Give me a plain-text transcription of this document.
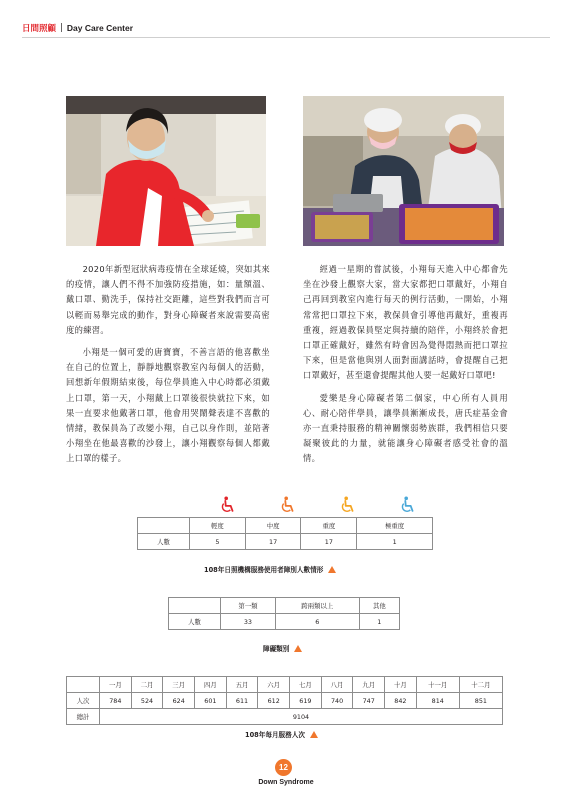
日間照顧 | Day Care Center

2020年新型冠狀病毒疫情在全球延燒，突如其來的疫情，讓人們不得不加強防疫措施，如：量額溫、戴口罩、勤洗手，保持社交距離，這些對我們而言可以輕而易舉完成的動作，對身心障礙者來說需要高密度的練習。

小翔是一個可愛的唐寶寶，不善言語的他喜歡坐在自己的位置上，靜靜地觀察教室內每個人的活動，回想新年假期結束後，每位學員進入中心時都必須戴上口罩，第一天，小翔戴上口罩後很快就拉下來，如果一直要求他戴著口罩，他會用哭鬧聲表達不喜歡的情緒，教保員為了改變小翔，自己以身作則，並陪著小翔坐在他最喜歡的沙發上，讓小翔觀察每個人都戴上口罩的樣子。

經過一星期的嘗試後，小翔每天進入中心都會先坐在沙發上觀察大家，當大家都把口罩戴好，小翔自己再回到教室內進行每天的例行活動，一開始，小翔常常把口罩拉下來，教保員會引導他再戴好，重複再重複，經過教保員堅定與持續的陪伴，小翔終於會把口罩正確戴好，雖然有時會因為覺得悶熱而把口罩拉下來，但是當他與別人面對面講話時，會提醒自己把口罩戴好，甚至還會提醒其他人要一起戴好口罩吧!

愛樂是身心障礙者第二個家，中心所有人員用心、耐心陪伴學員，讓學員漸漸成長，唐氏症基金會亦一直秉持服務的精神關懷弱勢族群，我們相信只要凝聚彼此的力量，就能讓身心障礙者感受社會的溫情。

	輕度	中度	重度	極重度
人數	5	17	17	1
108年日照機構服務使用者障別人數情形
	第一類	跨兩類以上	其他
人數	33	6	1
障礙類別
	一月	二月	三月	四月	五月	六月	七月	八月	九月	十月	十一月	十二月
人次	784	524	624	601	611	612	619	740	747	842	814	851
總計	9104											
108年每月服務人次
12
Down Syndrome
